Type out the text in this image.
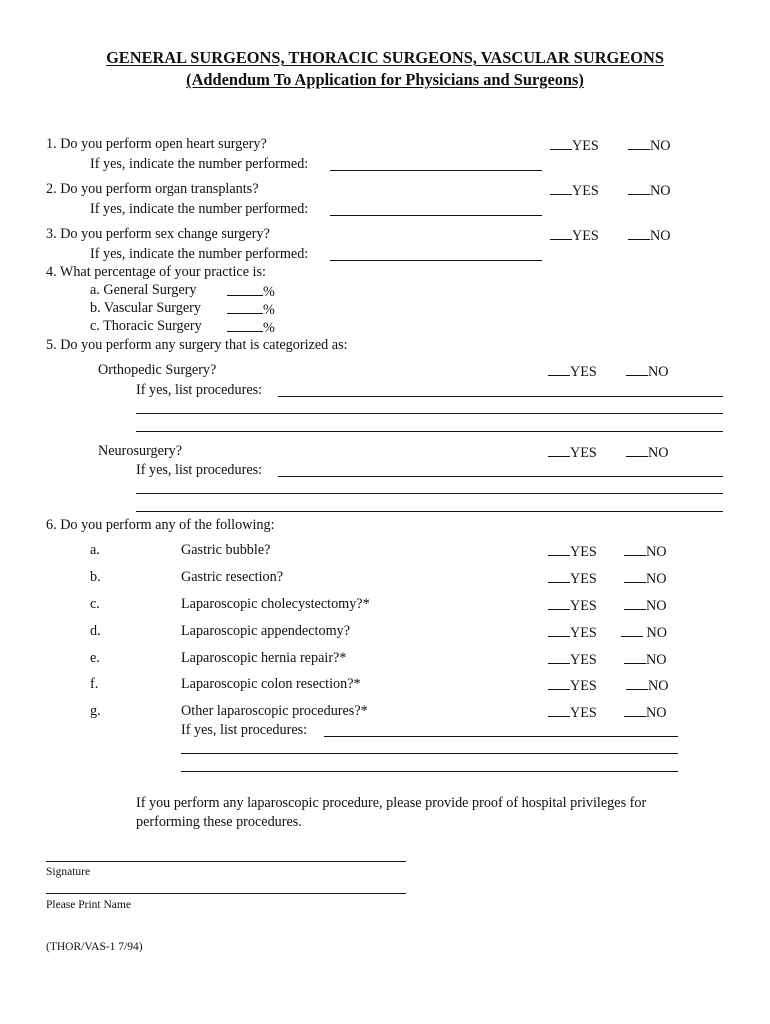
GENERAL SURGEONS, THORACIC SURGEONS, VASCULAR SURGEONS
(Addendum To Application for Physicians and Surgeons)
1. Do you perform open heart surgery?	YES	NO
If yes, indicate the number performed:
2. Do you perform organ transplants?	YES	NO
If yes, indicate the number performed:
3. Do you perform sex change surgery?	YES	NO
If yes, indicate the number performed:
4. What percentage of your practice is:
a. General Surgery	%
b. Vascular Surgery	%
c. Thoracic Surgery	%
5. Do you perform any surgery that is categorized as:
Orthopedic Surgery?	YES	NO
If yes, list procedures:
Neurosurgery?	YES	NO
If yes, list procedures:
6. Do you perform any of the following:
a.	Gastric bubble?	YES	NO
b.	Gastric resection?	YES	NO
c.	Laparoscopic cholecystectomy?*	YES	NO
d.	Laparoscopic appendectomy?	YES	NO
e.	Laparoscopic hernia repair?*	YES	NO
f.	Laparoscopic colon resection?*	YES	NO
g.	Other laparoscopic procedures?*	YES	NO
If yes, list procedures:
If you perform any laparoscopic procedure, please provide proof of hospital privileges for
performing these procedures.
Signature
Please Print Name
(THOR/VAS-1 7/94)
